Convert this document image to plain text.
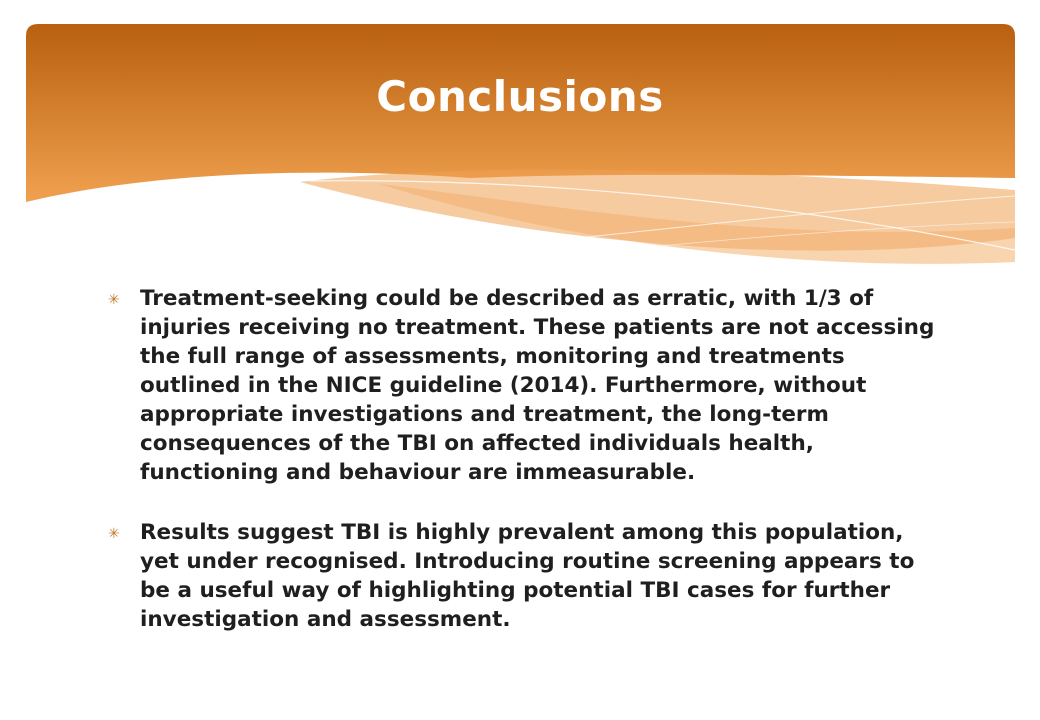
Conclusions
✳ Treatment-seeking could be described as erratic, with 1/3 of injuries receiving no treatment. These patients are not accessing the full range of assessments, monitoring and treatments outlined in the NICE guideline (2014). Furthermore, without appropriate investigations and treatment, the long-term consequences of the TBI on affected individuals health, functioning and behaviour are immeasurable.
✳ Results suggest TBI is highly prevalent among this population, yet under recognised. Introducing routine screening appears to be a useful way of highlighting potential TBI cases for further investigation and assessment.
